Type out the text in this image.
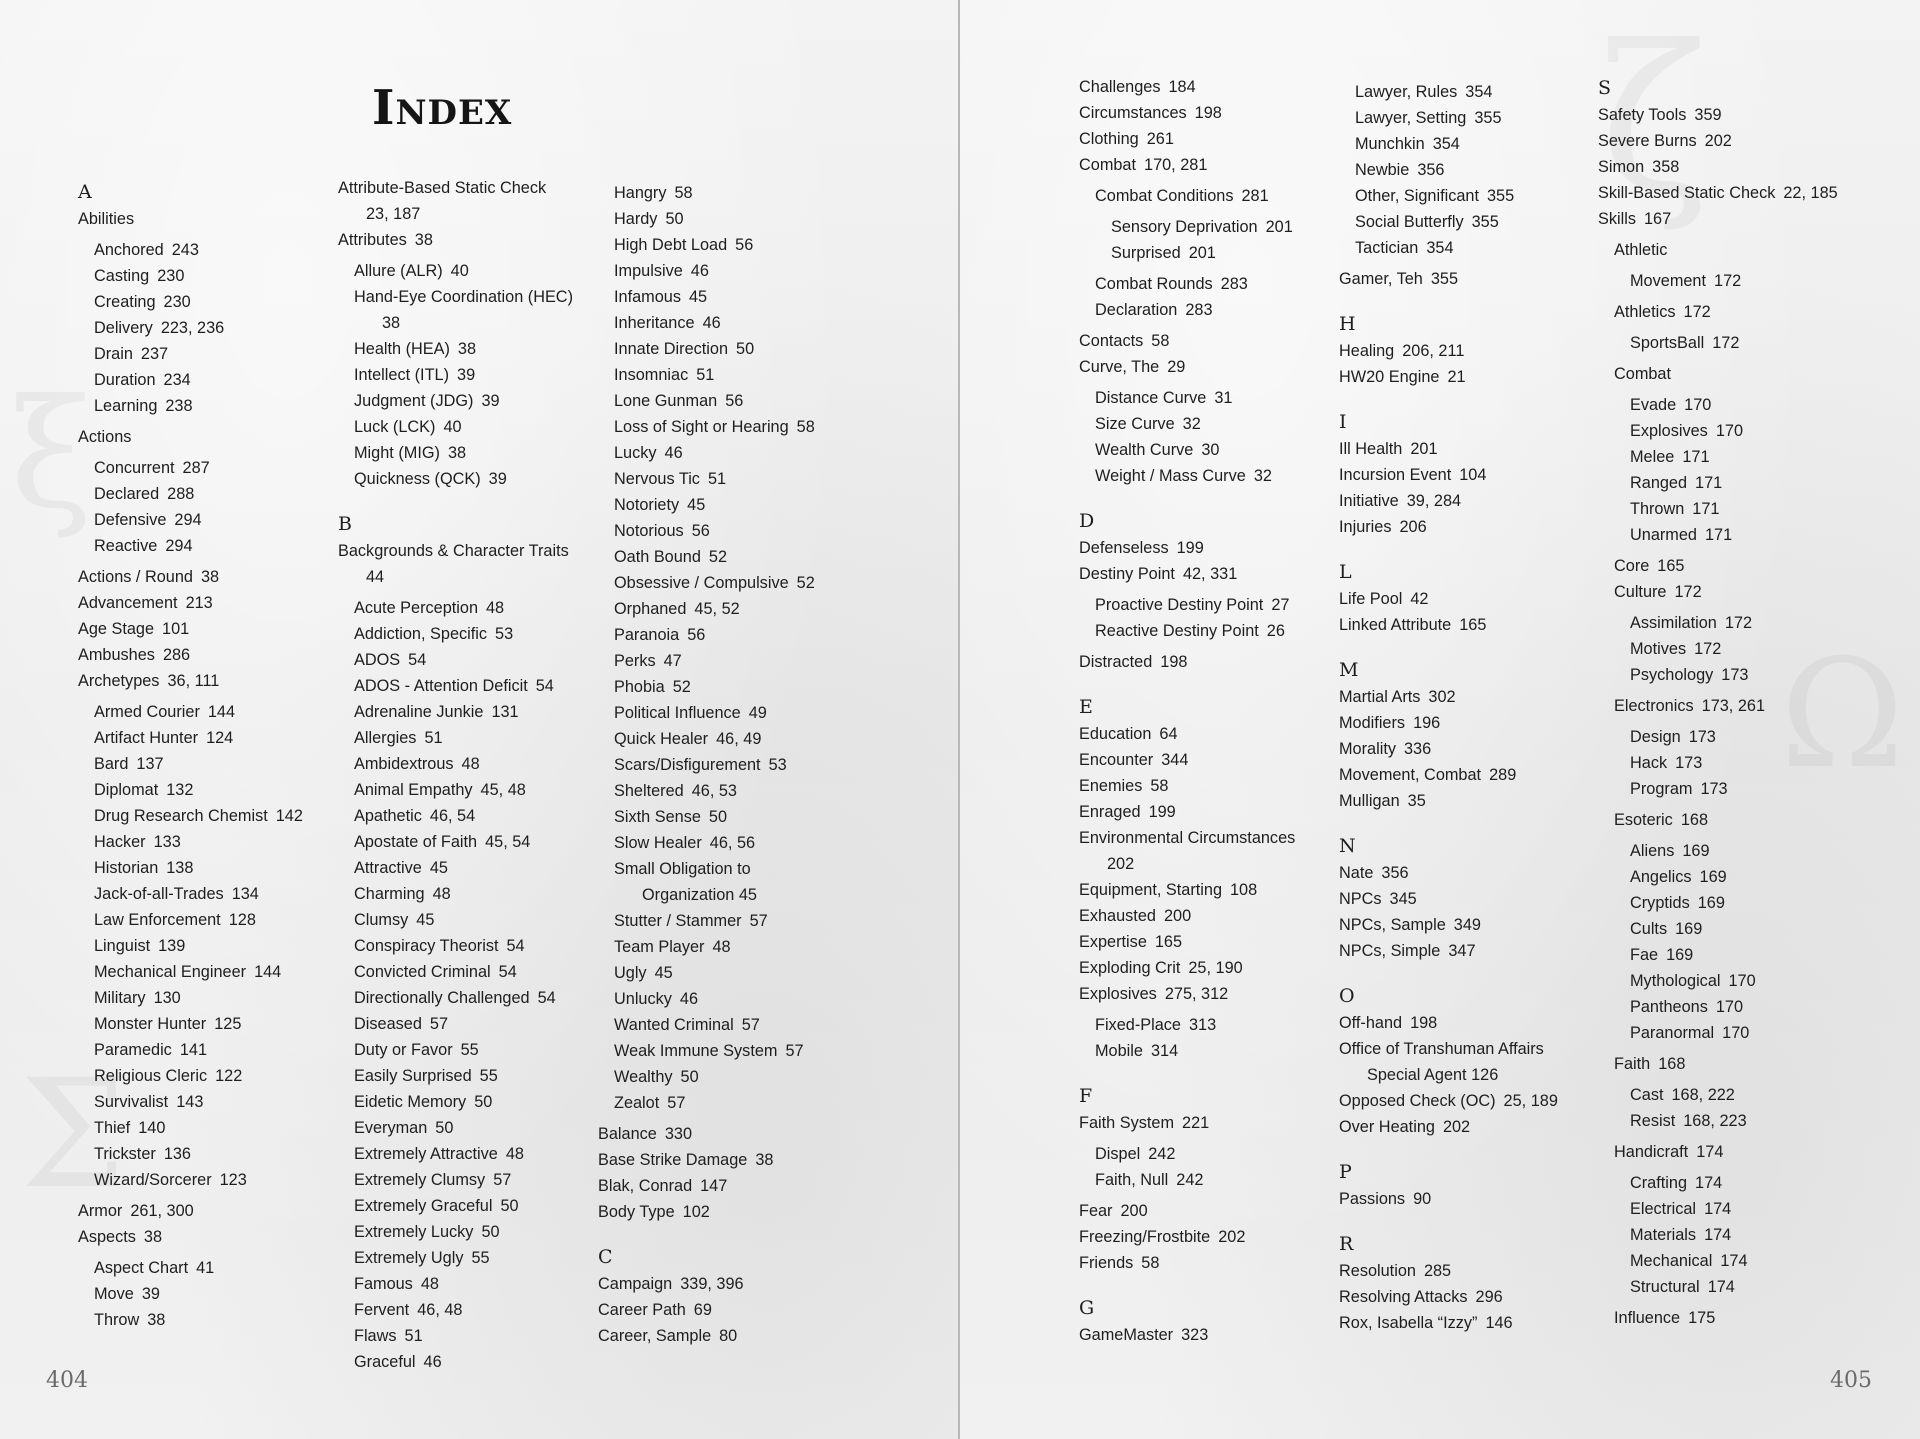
Index
A
Abilities
Anchored 243
Casting 230
Creating 230
Delivery 223, 236
Drain 237
Duration 234
Learning 238
Actions
Concurrent 287
Declared 288
Defensive 294
Reactive 294
Actions / Round 38
Advancement 213
Age Stage 101
Ambushes 286
Archetypes 36, 111
Armed Courier 144
Artifact Hunter 124
Bard 137
Diplomat 132
Drug Research Chemist 142
Hacker 133
Historian 138
Jack-of-all-Trades 134
Law Enforcement 128
Linguist 139
Mechanical Engineer 144
Military 130
Monster Hunter 125
Paramedic 141
Religious Cleric 122
Survivalist 143
Thief 140
Trickster 136
Wizard/Sorcerer 123
Armor 261, 300
Aspects 38
Aspect Chart 41
Move 39
Throw 38
Attribute-Based Static Check
23, 187
Attributes 38
Allure (ALR) 40
Hand-Eye Coordination (HEC)
38
Health (HEA) 38
Intellect (ITL) 39
Judgment (JDG) 39
Luck (LCK) 40
Might (MIG) 38
Quickness (QCK) 39
B
Backgrounds & Character Traits
44
Acute Perception 48
Addiction, Specific 53
ADOS 54
ADOS - Attention Deficit 54
Adrenaline Junkie 131
Allergies 51
Ambidextrous 48
Animal Empathy 45, 48
Apathetic 46, 54
Apostate of Faith 45, 54
Attractive 45
Charming 48
Clumsy 45
Conspiracy Theorist 54
Convicted Criminal 54
Directionally Challenged 54
Diseased 57
Duty or Favor 55
Easily Surprised 55
Eidetic Memory 50
Everyman 50
Extremely Attractive 48
Extremely Clumsy 57
Extremely Graceful 50
Extremely Lucky 50
Extremely Ugly 55
Famous 48
Fervent 46, 48
Flaws 51
Graceful 46
Hangry 58
Hardy 50
High Debt Load 56
Impulsive 46
Infamous 45
Inheritance 46
Innate Direction 50
Insomniac 51
Lone Gunman 56
Loss of Sight or Hearing 58
Lucky 46
Nervous Tic 51
Notoriety 45
Notorious 56
Oath Bound 52
Obsessive / Compulsive 52
Orphaned 45, 52
Paranoia 56
Perks 47
Phobia 52
Political Influence 49
Quick Healer 46, 49
Scars/Disfigurement 53
Sheltered 46, 53
Sixth Sense 50
Slow Healer 46, 56
Small Obligation to
Organization 45
Stutter / Stammer 57
Team Player 48
Ugly 45
Unlucky 46
Wanted Criminal 57
Weak Immune System 57
Wealthy 50
Zealot 57
Balance 330
Base Strike Damage 38
Blak, Conrad 147
Body Type 102
C
Campaign 339, 396
Career Path 69
Career, Sample 80
404
Challenges 184
Circumstances 198
Clothing 261
Combat 170, 281
Combat Conditions 281
Sensory Deprivation 201
Surprised 201
Combat Rounds 283
Declaration 283
Contacts 58
Curve, The 29
Distance Curve 31
Size Curve 32
Wealth Curve 30
Weight / Mass Curve 32
D
Defenseless 199
Destiny Point 42, 331
Proactive Destiny Point 27
Reactive Destiny Point 26
Distracted 198
E
Education 64
Encounter 344
Enemies 58
Enraged 199
Environmental Circumstances
202
Equipment, Starting 108
Exhausted 200
Expertise 165
Exploding Crit 25, 190
Explosives 275, 312
Fixed-Place 313
Mobile 314
F
Faith System 221
Dispel 242
Faith, Null 242
Fear 200
Freezing/Frostbite 202
Friends 58
G
GameMaster 323
Lawyer, Rules 354
Lawyer, Setting 355
Munchkin 354
Newbie 356
Other, Significant 355
Social Butterfly 355
Tactician 354
Gamer, Teh 355
H
Healing 206, 211
HW20 Engine 21
I
Ill Health 201
Incursion Event 104
Initiative 39, 284
Injuries 206
L
Life Pool 42
Linked Attribute 165
M
Martial Arts 302
Modifiers 196
Morality 336
Movement, Combat 289
Mulligan 35
N
Nate 356
NPCs 345
NPCs, Sample 349
NPCs, Simple 347
O
Off-hand 198
Office of Transhuman Affairs
Special Agent 126
Opposed Check (OC) 25, 189
Over Heating 202
P
Passions 90
R
Resolution 285
Resolving Attacks 296
Rox, Isabella “Izzy” 146
S
Safety Tools 359
Severe Burns 202
Simon 358
Skill-Based Static Check 22, 185
Skills 167
Athletic
Movement 172
Athletics 172
SportsBall 172
Combat
Evade 170
Explosives 170
Melee 171
Ranged 171
Thrown 171
Unarmed 171
Core 165
Culture 172
Assimilation 172
Motives 172
Psychology 173
Electronics 173, 261
Design 173
Hack 173
Program 173
Esoteric 168
Aliens 169
Angelics 169
Cryptids 169
Cults 169
Fae 169
Mythological 170
Pantheons 170
Paranormal 170
Faith 168
Cast 168, 222
Resist 168, 223
Handicraft 174
Crafting 174
Electrical 174
Materials 174
Mechanical 174
Structural 174
Influence 175
405
